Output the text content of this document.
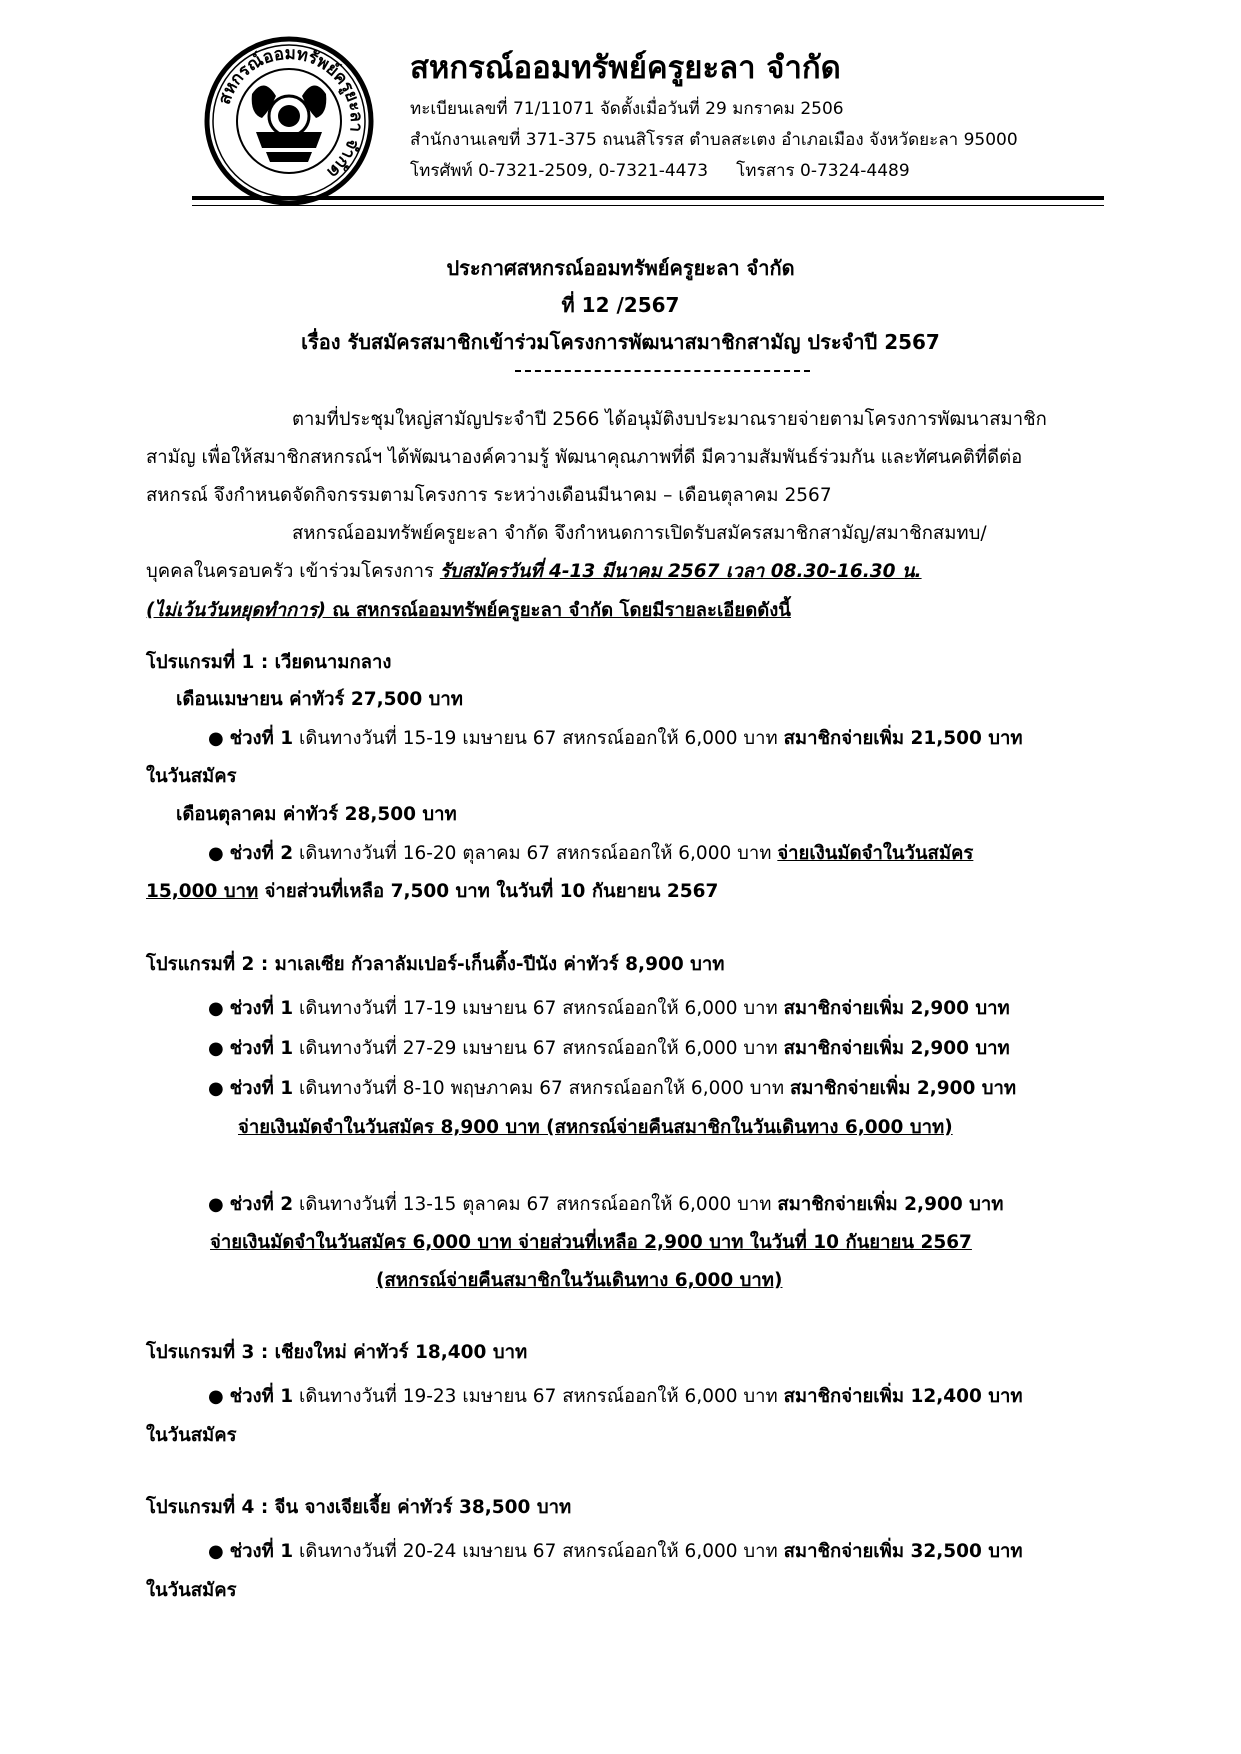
สหกรณ์ออมทรัพย์ครูยะลา จำกัด
สหกรณ์ออมทรัพย์ครูยะลา จำกัด
ทะเบียนเลขที่ 71/11071 จัดตั้งเมื่อวันที่ 29 มกราคม 2506
สำนักงานเลขที่ 371-375 ถนนสิโรรส ตำบลสะเตง อำเภอเมือง จังหวัดยะลา 95000
โทรศัพท์ 0-7321-2509, 0-7321-4473 โทรสาร 0-7324-4489
ประกาศสหกรณ์ออมทรัพย์ครูยะลา จำกัด
ที่ 12 /2567
เรื่อง รับสมัครสมาชิกเข้าร่วมโครงการพัฒนาสมาชิกสามัญ ประจำปี 2567
ตามที่ประชุมใหญ่สามัญประจำปี 2566 ได้อนุมัติงบประมาณรายจ่ายตามโครงการพัฒนาสมาชิก
สามัญ เพื่อให้สมาชิกสหกรณ์ฯ ได้พัฒนาองค์ความรู้ พัฒนาคุณภาพที่ดี มีความสัมพันธ์ร่วมกัน และทัศนคติที่ดีต่อ
สหกรณ์ จึงกำหนดจัดกิจกรรมตามโครงการ ระหว่างเดือนมีนาคม – เดือนตุลาคม 2567
สหกรณ์ออมทรัพย์ครูยะลา จำกัด จึงกำหนดการเปิดรับสมัครสมาชิกสามัญ/สมาชิกสมทบ/
บุคคลในครอบครัว เข้าร่วมโครงการ รับสมัครวันที่ 4-13 มีนาคม 2567 เวลา 08.30-16.30 น.
(ไม่เว้นวันหยุดทำการ) ณ สหกรณ์ออมทรัพย์ครูยะลา จำกัด โดยมีรายละเอียดดังนี้
โปรแกรมที่ 1 : เวียดนามกลาง
เดือนเมษายน ค่าทัวร์ 27,500 บาท
● ช่วงที่ 1 เดินทางวันที่ 15-19 เมษายน 67 สหกรณ์ออกให้ 6,000 บาท สมาชิกจ่ายเพิ่ม 21,500 บาท
ในวันสมัคร
เดือนตุลาคม ค่าทัวร์ 28,500 บาท
● ช่วงที่ 2 เดินทางวันที่ 16-20 ตุลาคม 67 สหกรณ์ออกให้ 6,000 บาท จ่ายเงินมัดจำในวันสมัคร
15,000 บาท จ่ายส่วนที่เหลือ 7,500 บาท ในวันที่ 10 กันยายน 2567
โปรแกรมที่ 2 : มาเลเซีย กัวลาลัมเปอร์-เก็นติ้ง-ปีนัง ค่าทัวร์ 8,900 บาท
● ช่วงที่ 1 เดินทางวันที่ 17-19 เมษายน 67 สหกรณ์ออกให้ 6,000 บาท สมาชิกจ่ายเพิ่ม 2,900 บาท
● ช่วงที่ 1 เดินทางวันที่ 27-29 เมษายน 67 สหกรณ์ออกให้ 6,000 บาท สมาชิกจ่ายเพิ่ม 2,900 บาท
● ช่วงที่ 1 เดินทางวันที่ 8-10 พฤษภาคม 67 สหกรณ์ออกให้ 6,000 บาท สมาชิกจ่ายเพิ่ม 2,900 บาท
จ่ายเงินมัดจำในวันสมัคร 8,900 บาท (สหกรณ์จ่ายคืนสมาชิกในวันเดินทาง 6,000 บาท)
● ช่วงที่ 2 เดินทางวันที่ 13-15 ตุลาคม 67 สหกรณ์ออกให้ 6,000 บาท สมาชิกจ่ายเพิ่ม 2,900 บาท
จ่ายเงินมัดจำในวันสมัคร 6,000 บาท จ่ายส่วนที่เหลือ 2,900 บาท ในวันที่ 10 กันยายน 2567
(สหกรณ์จ่ายคืนสมาชิกในวันเดินทาง 6,000 บาท)
โปรแกรมที่ 3 : เชียงใหม่ ค่าทัวร์ 18,400 บาท
● ช่วงที่ 1 เดินทางวันที่ 19-23 เมษายน 67 สหกรณ์ออกให้ 6,000 บาท สมาชิกจ่ายเพิ่ม 12,400 บาท
ในวันสมัคร
โปรแกรมที่ 4 : จีน จางเจียเจี้ย ค่าทัวร์ 38,500 บาท
● ช่วงที่ 1 เดินทางวันที่ 20-24 เมษายน 67 สหกรณ์ออกให้ 6,000 บาท สมาชิกจ่ายเพิ่ม 32,500 บาท
ในวันสมัคร
